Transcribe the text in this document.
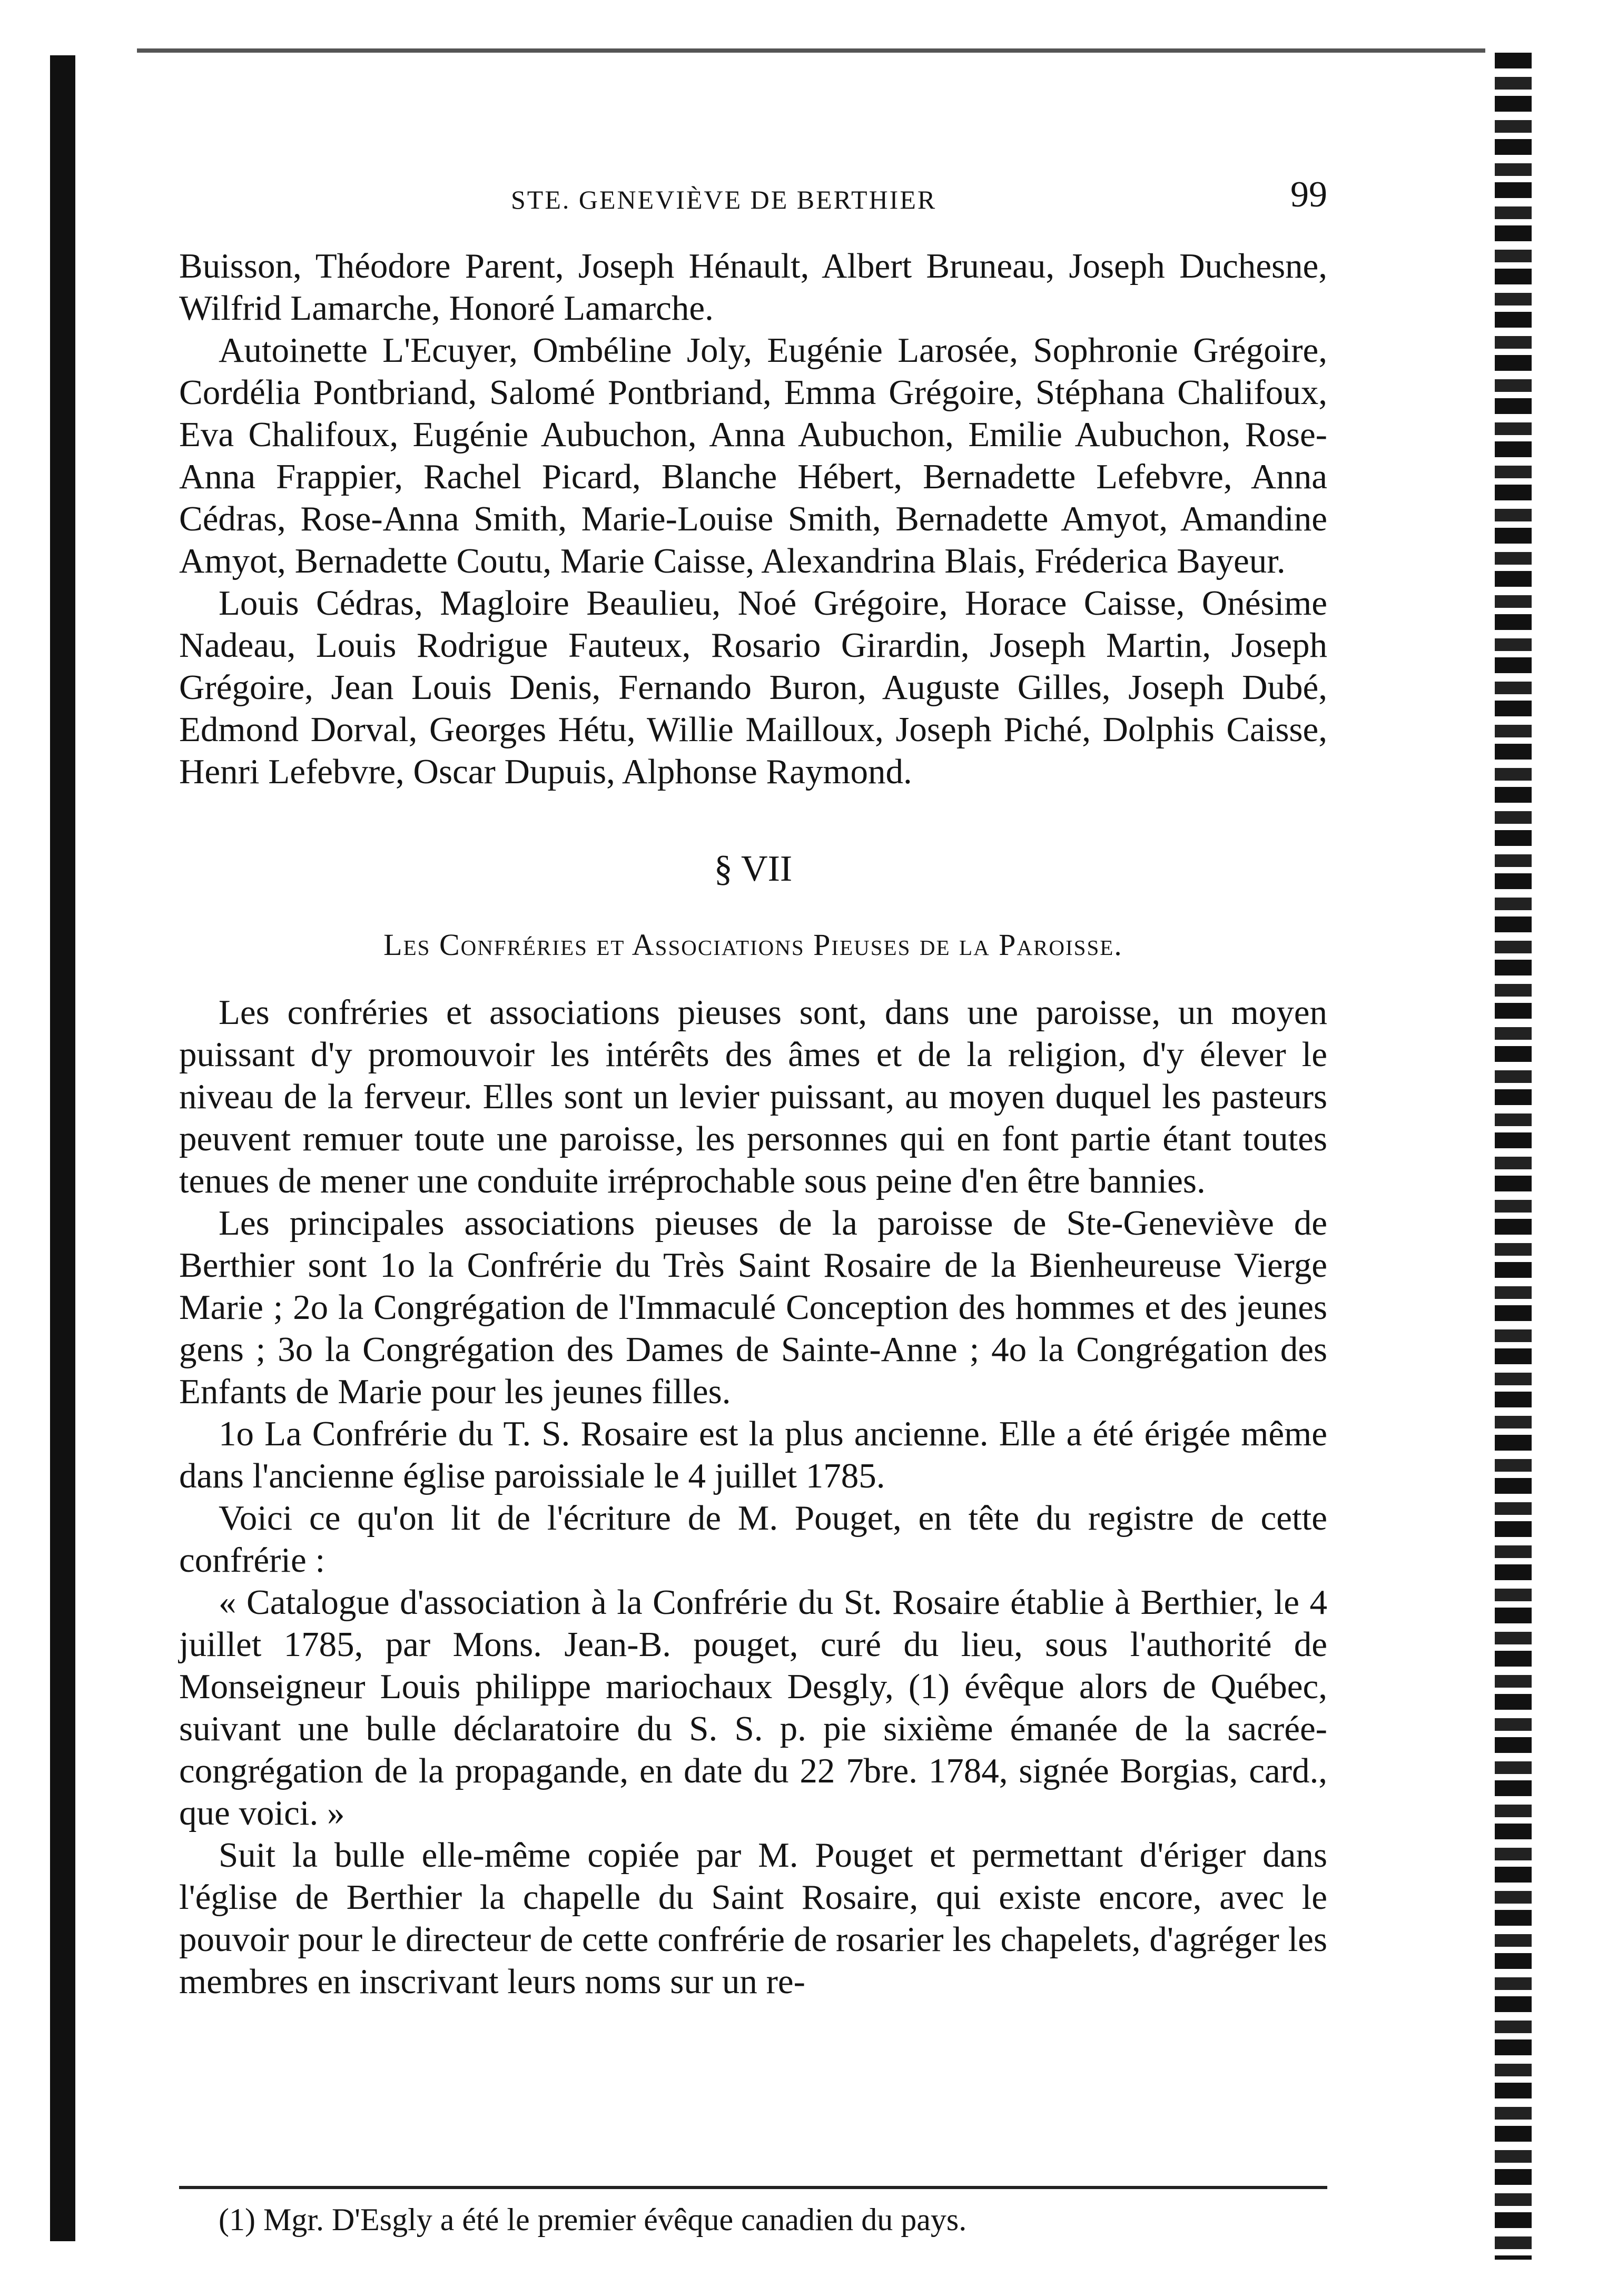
STE. GENEVIÈVE DE BERTHIER	99

Buisson, Théodore Parent, Joseph Hénault, Albert Bruneau, Joseph Duchesne, Wilfrid Lamarche, Honoré Lamarche.

Autoinette L'Ecuyer, Ombéline Joly, Eugénie Larosée, Sophronie Grégoire, Cordélia Pontbriand, Salomé Pontbriand, Emma Grégoire, Stéphana Chalifoux, Eva Chalifoux, Eugénie Aubuchon, Anna Aubuchon, Emilie Aubuchon, Rose-Anna Frappier, Rachel Picard, Blanche Hébert, Bernadette Lefebvre, Anna Cédras, Rose-Anna Smith, Marie-Louise Smith, Bernadette Amyot, Amandine Amyot, Bernadette Coutu, Marie Caisse, Alexandrina Blais, Fréderica Bayeur.

Louis Cédras, Magloire Beaulieu, Noé Grégoire, Horace Caisse, Onésime Nadeau, Louis Rodrigue Fauteux, Rosario Girardin, Joseph Martin, Joseph Grégoire, Jean Louis Denis, Fernando Buron, Auguste Gilles, Joseph Dubé, Edmond Dorval, Georges Hétu, Willie Mailloux, Joseph Piché, Dolphis Caisse, Henri Lefebvre, Oscar Dupuis, Alphonse Raymond.

§ VII
Les Confréries et Associations Pieuses de la Paroisse.

Les confréries et associations pieuses sont, dans une paroisse, un moyen puissant d'y promouvoir les intérêts des âmes et de la religion, d'y élever le niveau de la ferveur. Elles sont un levier puissant, au moyen duquel les pasteurs peuvent remuer toute une paroisse, les personnes qui en font partie étant toutes tenues de mener une conduite irréprochable sous peine d'en être bannies.

Les principales associations pieuses de la paroisse de Ste-Geneviève de Berthier sont 1o la Confrérie du Très Saint Rosaire de la Bienheureuse Vierge Marie ; 2o la Congrégation de l'Immaculé Conception des hommes et des jeunes gens ; 3o la Congrégation des Dames de Sainte-Anne ; 4o la Congrégation des Enfants de Marie pour les jeunes filles.

1o La Confrérie du T. S. Rosaire est la plus ancienne. Elle a été érigée même dans l'ancienne église paroissiale le 4 juillet 1785.

Voici ce qu'on lit de l'écriture de M. Pouget, en tête du registre de cette confrérie :

« Catalogue d'association à la Confrérie du St. Rosaire établie à Berthier, le 4 juillet 1785, par Mons. Jean-B. pouget, curé du lieu, sous l'authorité de Monseigneur Louis philippe mariochaux Desgly, (1) évêque alors de Québec, suivant une bulle déclaratoire du S. S. p. pie sixième émanée de la sacrée-congrégation de la propagande, en date du 22 7bre. 1784, signée Borgias, card., que voici. »

Suit la bulle elle-même copiée par M. Pouget et permettant d'ériger dans l'église de Berthier la chapelle du Saint Rosaire, qui existe encore, avec le pouvoir pour le directeur de cette confrérie de rosarier les chapelets, d'agréger les membres en inscrivant leurs noms sur un re-

(1) Mgr. D'Esgly a été le premier évêque canadien du pays.
